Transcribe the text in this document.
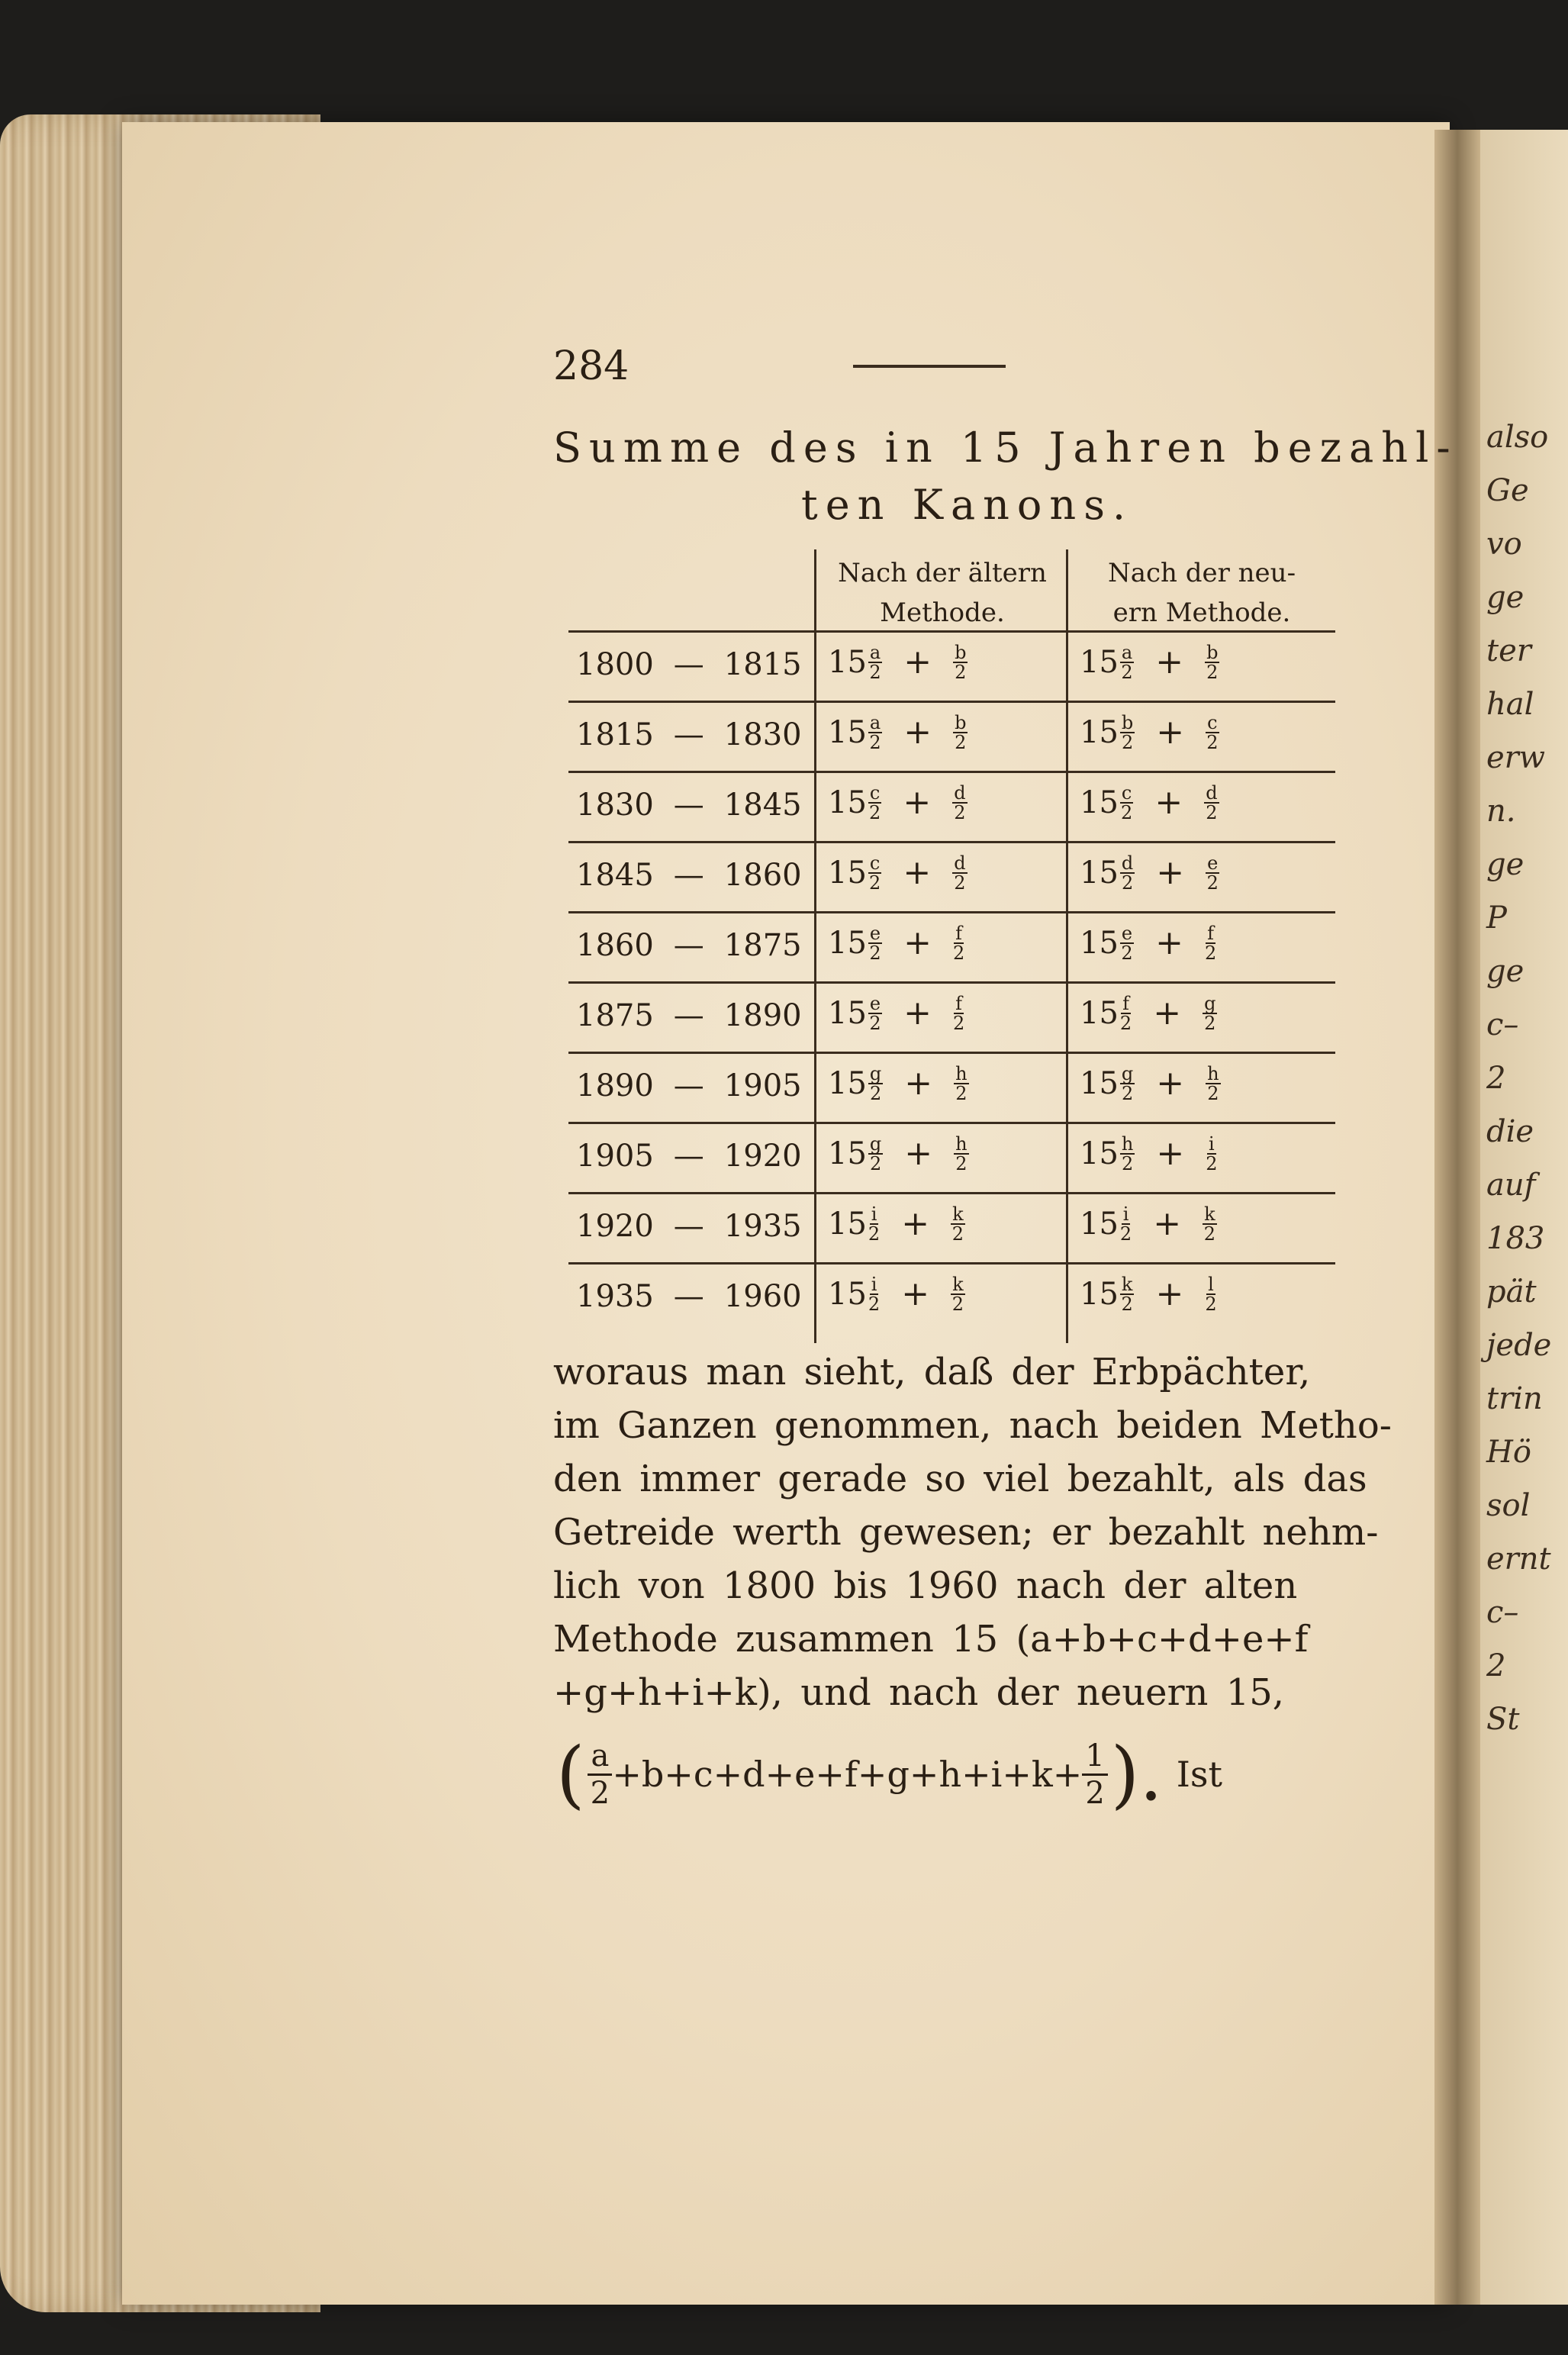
also
Ge
vo
ge
ter
hal
erw
n.
ge
P
ge
c–
2
die
auf
183
pät
jede
trin
Hö
sol
ernt
c–
2
St
284
Summe des in 15 Jahren bezahl-
ten Kanons.
Nach der ältern
Methode.
Nach der neu-
ern Methode.
1800 — 1815 $15 \frac{a}{2} + \frac{b}{2}$	$15 \frac{a}{2} + \frac{b}{2}$
1815 — 1830 $15 \frac{a}{2} + \frac{b}{2}$	$15 \frac{b}{2} + \frac{c}{2}$
1830 — 1845 $15 \frac{c}{2} + \frac{d}{2}$	$15 \frac{c}{2} + \frac{d}{2}$
1845 — 1860 $15 \frac{c}{2} + \frac{d}{2}$	$15 \frac{d}{2} + \frac{e}{2}$
1860 — 1875 $15 \frac{e}{2} + \frac{f}{2}$	$15 \frac{e}{2} + \frac{f}{2}$
1875 — 1890 $15 \frac{e}{2} + \frac{f}{2}$	$15 \frac{f}{2} + \frac{g}{2}$
1890 — 1905 $15 \frac{g}{2} + \frac{h}{2}$	$15 \frac{g}{2} + \frac{h}{2}$
1905 — 1920 $15 \frac{g}{2} + \frac{h}{2}$	$15 \frac{h}{2} + \frac{i}{2}$
1920 — 1935 $15 \frac{i}{2} + \frac{k}{2}$	$15 \frac{i}{2} + \frac{k}{2}$
1935 — 1960 $15 \frac{i}{2} + \frac{k}{2}$	$15 \frac{k}{2} + \frac{l}{2}$
woraus man sieht, daß der Erbpächter,
im Ganzen genommen, nach beiden Metho-
den immer gerade so viel bezahlt, als das
Getreide werth gewesen; er bezahlt nehm-
lich von 1800 bis 1960 nach der alten
Methode zusammen 15 (a+b+c+d+e+f
+g+h+i+k), und nach der neuern 15,
( $\frac{a}{2} +b+c+d+e+f+g+h+i+k+ \frac{1}{2}$ ). Ist
